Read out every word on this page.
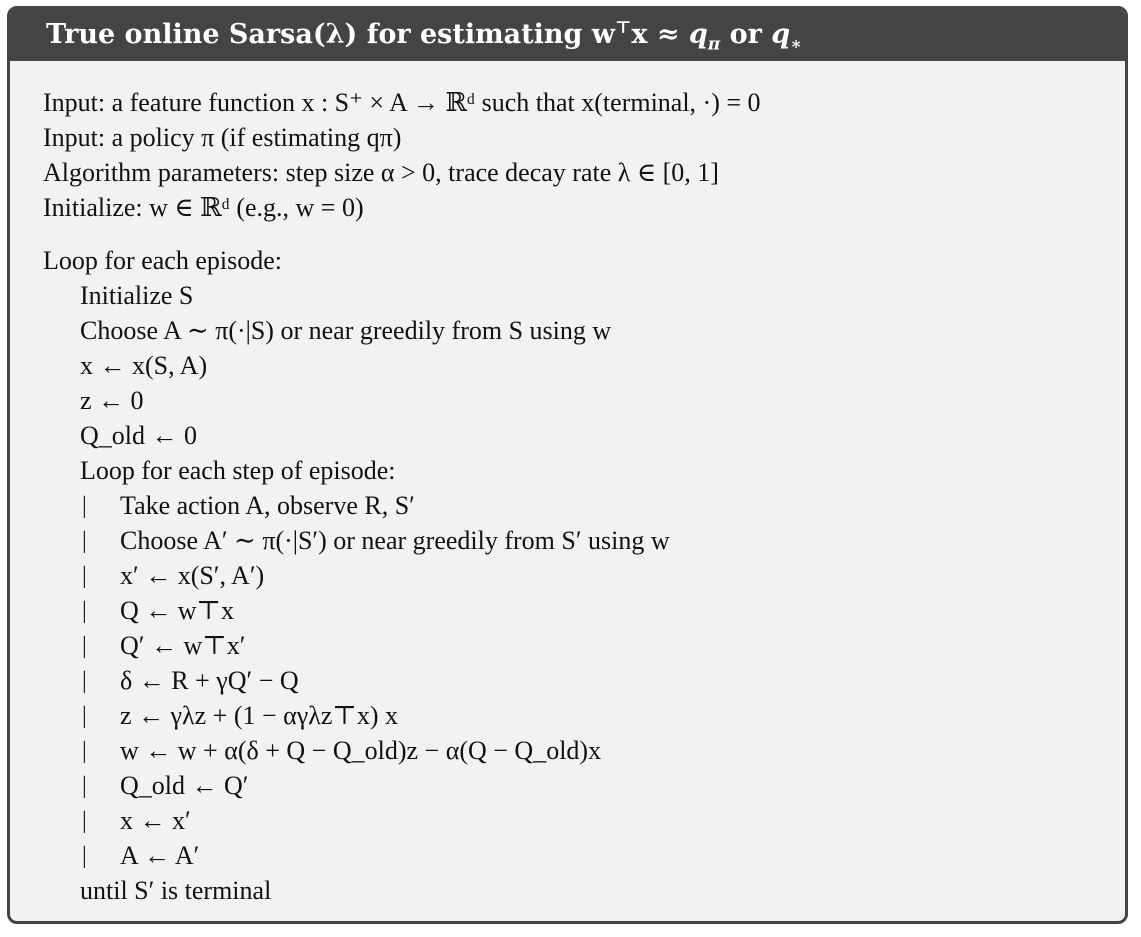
True online Sarsa(λ) for estimating $w^⊤x \approx q_\pi$ or $q_∗$
Input: a feature function x : S⁺ × A → ℝᵈ such that x(terminal, ·) = 0
Input: a policy π (if estimating qπ)
Algorithm parameters: step size α > 0, trace decay rate λ ∈ [0, 1]
Initialize: w ∈ ℝᵈ (e.g., w = 0)
Loop for each episode:
Initialize S
Choose A ∼ π(·|S) or near greedily from S using w
x ← x(S, A)
z ← 0
Q_old ← 0
Loop for each step of episode:
| Take action A, observe R, S′
| Choose A′ ∼ π(·|S′) or near greedily from S′ using w
| x′ ← x(S′, A′)
| Q ← w⊤x
| Q′ ← w⊤x′
| δ ← R + γQ′ − Q
| z ← γλz + (1 − αγλz⊤x) x
| w ← w + α(δ + Q − Q_old)z − α(Q − Q_old)x
| Q_old ← Q′
| x ← x′
| A ← A′
until S′ is terminal
